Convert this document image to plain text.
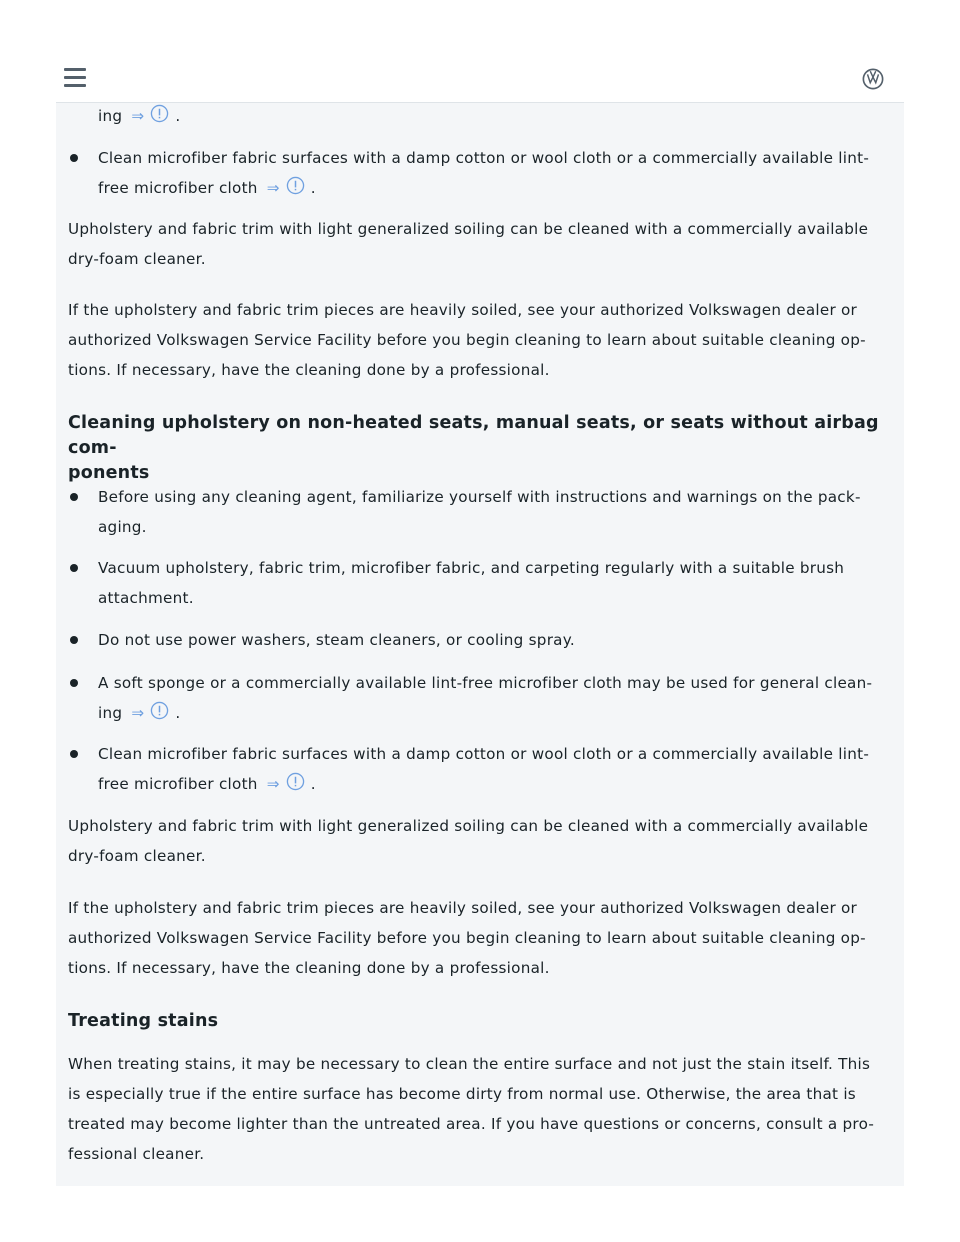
ing ⇒ .

Clean microfiber fabric surfaces with a damp cotton or wool cloth or a commercially available lint-
free microfiber cloth ⇒ .

Upholstery and fabric trim with light generalized soiling can be cleaned with a commercially available
dry-foam cleaner.

If the upholstery and fabric trim pieces are heavily soiled, see your authorized Volkswagen dealer or
authorized Volkswagen Service Facility before you begin cleaning to learn about suitable cleaning op-
tions. If necessary, have the cleaning done by a professional.

Cleaning upholstery on non-heated seats, manual seats, or seats without airbag com-
ponents

Before using any cleaning agent, familiarize yourself with instructions and warnings on the pack-
aging.

Vacuum upholstery, fabric trim, microfiber fabric, and carpeting regularly with a suitable brush
attachment.

Do not use power washers, steam cleaners, or cooling spray.

A soft sponge or a commercially available lint-free microfiber cloth may be used for general clean-
ing ⇒ .

Clean microfiber fabric surfaces with a damp cotton or wool cloth or a commercially available lint-
free microfiber cloth ⇒ .

Upholstery and fabric trim with light generalized soiling can be cleaned with a commercially available
dry-foam cleaner.

If the upholstery and fabric trim pieces are heavily soiled, see your authorized Volkswagen dealer or
authorized Volkswagen Service Facility before you begin cleaning to learn about suitable cleaning op-
tions. If necessary, have the cleaning done by a professional.

Treating stains

When treating stains, it may be necessary to clean the entire surface and not just the stain itself. This
is especially true if the entire surface has become dirty from normal use. Otherwise, the area that is
treated may become lighter than the untreated area. If you have questions or concerns, consult a pro-
fessional cleaner.
